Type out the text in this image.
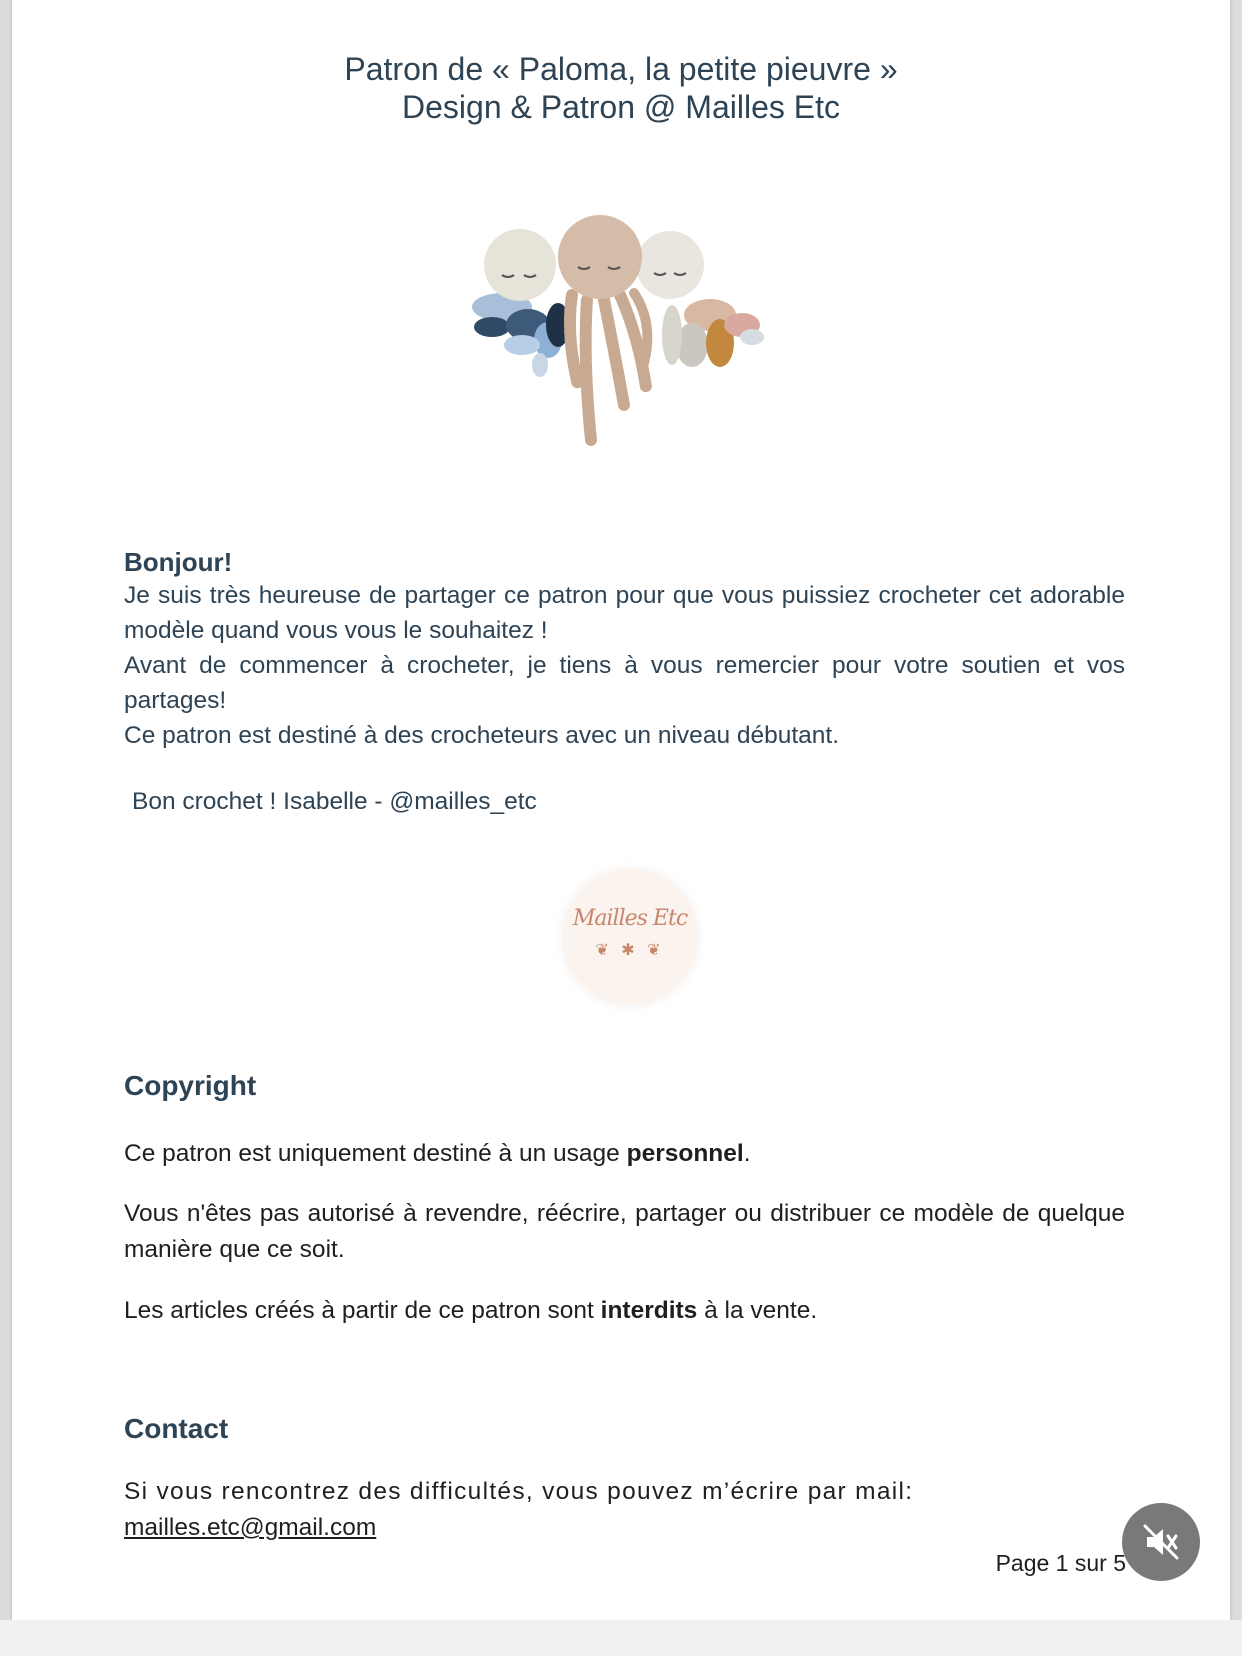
Patron de « Paloma, la petite pieuvre »
Design & Patron @ Mailles Etc
Bonjour!
Je suis très heureuse de partager ce patron pour que vous puissiez crocheter cet adorable modèle quand vous vous le souhaitez !
Avant de commencer à crocheter, je tiens à vous remercier pour votre soutien et vos partages!
Ce patron est destiné à des crocheteurs avec un niveau débutant.
Bon crochet ! Isabelle - @mailles_etc
Mailles Etc
❦ ✱ ❦
Copyright
Ce patron est uniquement destiné à un usage personnel.
Vous n'êtes pas autorisé à revendre, réécrire, partager ou distribuer ce modèle de quelque manière que ce soit.
Les articles créés à partir de ce patron sont interdits à la vente.
Contact
Si vous rencontrez des difficultés, vous pouvez m’écrire par mail:
mailles.etc@gmail.com
Page 1 sur 5
